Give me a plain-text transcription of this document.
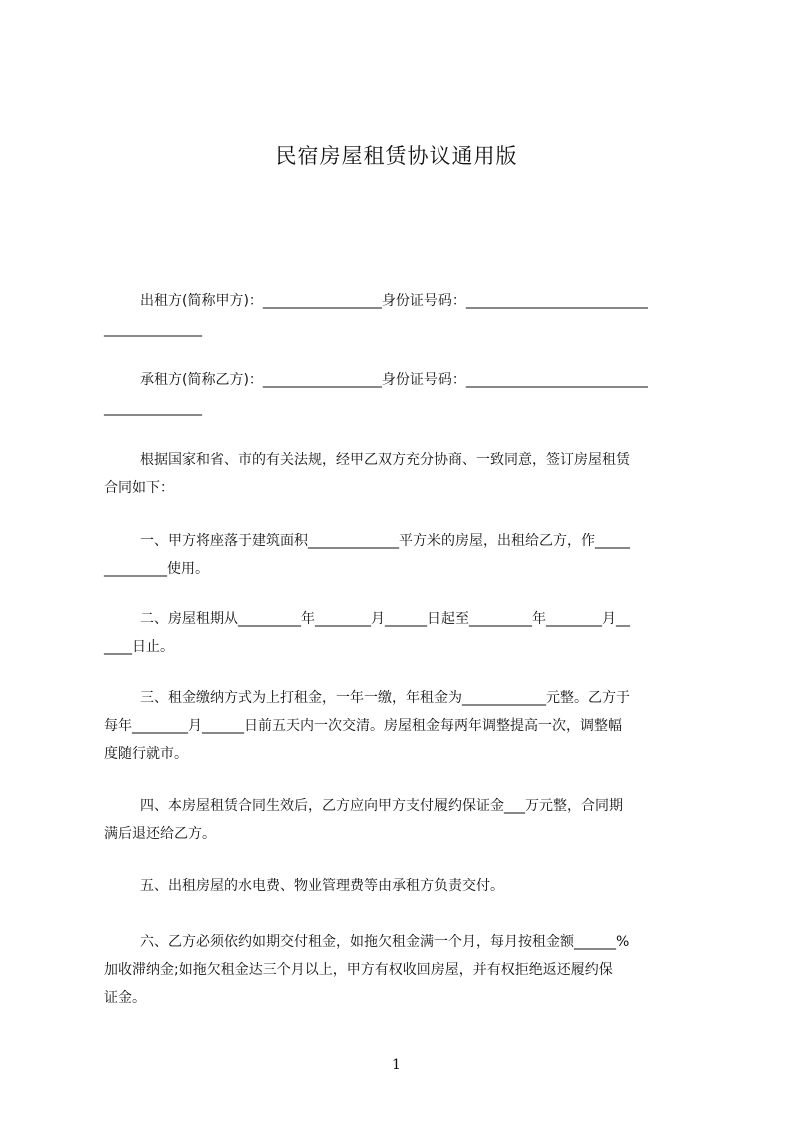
民宿房屋租赁协议通用版
出租方(简称甲方)：_________________身份证号码：__________________________
______________
承租方(简称乙方)：_________________身份证号码：__________________________
______________
根据国家和省、市的有关法规，经甲乙双方充分协商、一致同意，签订房屋租赁
合同如下：
一、甲方将座落于建筑面积_____________平方米的房屋，出租给乙方，作_____
_________使用。
二、房屋租期从_________年________月______日起至_________年________月__
____日止。
三、租金缴纳方式为上打租金，一年一缴，年租金为____________元整。乙方于
每年________月______日前五天内一次交清。房屋租金每两年调整提高一次，调整幅
度随行就市。
四、本房屋租赁合同生效后，乙方应向甲方支付履约保证金___万元整，合同期
满后退还给乙方。
五、出租房屋的水电费、物业管理费等由承租方负责交付。
六、乙方必须依约如期交付租金，如拖欠租金满一个月，每月按租金额______%
加收滞纳金;如拖欠租金达三个月以上，甲方有权收回房屋，并有权拒绝返还履约保
证金。
1
